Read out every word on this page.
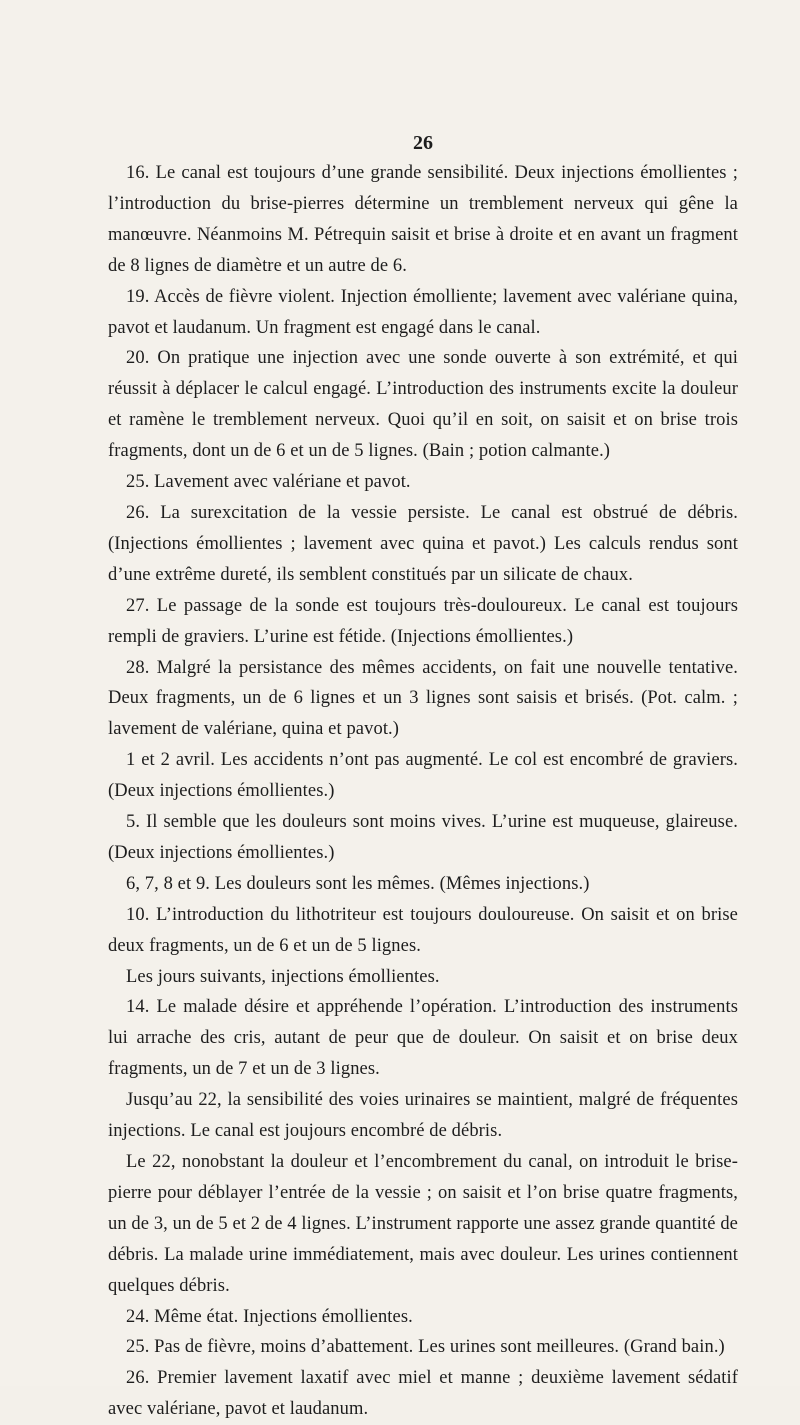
26

16. Le canal est toujours d’une grande sensibilité. Deux injections émollientes ; l’introduction du brise-pierres détermine un tremblement nerveux qui gêne la manœuvre. Néanmoins M. Pétrequin saisit et brise à droite et en avant un fragment de 8 lignes de diamètre et un autre de 6.

19. Accès de fièvre violent. Injection émolliente; lavement avec valériane quina, pavot et laudanum. Un fragment est engagé dans le canal.

20. On pratique une injection avec une sonde ouverte à son extrémité, et qui réussit à déplacer le calcul engagé. L’introduction des instruments excite la douleur et ramène le tremblement nerveux. Quoi qu’il en soit, on saisit et on brise trois fragments, dont un de 6 et un de 5 lignes. (Bain ; potion calmante.)

25. Lavement avec valériane et pavot.

26. La surexcitation de la vessie persiste. Le canal est obstrué de débris. (Injections émollientes ; lavement avec quina et pavot.) Les calculs rendus sont d’une extrême dureté, ils semblent constitués par un silicate de chaux.

27. Le passage de la sonde est toujours très-douloureux. Le canal est toujours rempli de graviers. L’urine est fétide. (Injections émollientes.)

28. Malgré la persistance des mêmes accidents, on fait une nouvelle tentative. Deux fragments, un de 6 lignes et un 3 lignes sont saisis et brisés. (Pot. calm. ; lavement de valériane, quina et pavot.)

1 et 2 avril. Les accidents n’ont pas augmenté. Le col est encombré de graviers. (Deux injections émollientes.)

5. Il semble que les douleurs sont moins vives. L’urine est muqueuse, glaireuse. (Deux injections émollientes.)

6, 7, 8 et 9. Les douleurs sont les mêmes. (Mêmes injections.)

10. L’introduction du lithotriteur est toujours douloureuse. On saisit et on brise deux fragments, un de 6 et un de 5 lignes.

Les jours suivants, injections émollientes.

14. Le malade désire et appréhende l’opération. L’introduction des instruments lui arrache des cris, autant de peur que de douleur. On saisit et on brise deux fragments, un de 7 et un de 3 lignes.

Jusqu’au 22, la sensibilité des voies urinaires se maintient, malgré de fréquentes injections. Le canal est joujours encombré de débris.

Le 22, nonobstant la douleur et l’encombrement du canal, on introduit le brise-pierre pour déblayer l’entrée de la vessie ; on saisit et l’on brise quatre fragments, un de 3, un de 5 et 2 de 4 lignes. L’instrument rapporte une assez grande quantité de débris. La malade urine immédiatement, mais avec douleur. Les urines contiennent quelques débris.

24. Même état. Injections émollientes.

25. Pas de fièvre, moins d’abattement. Les urines sont meilleures. (Grand bain.)

26. Premier lavement laxatif avec miel et manne ; deuxième lavement sédatif avec valériane, pavot et laudanum.
